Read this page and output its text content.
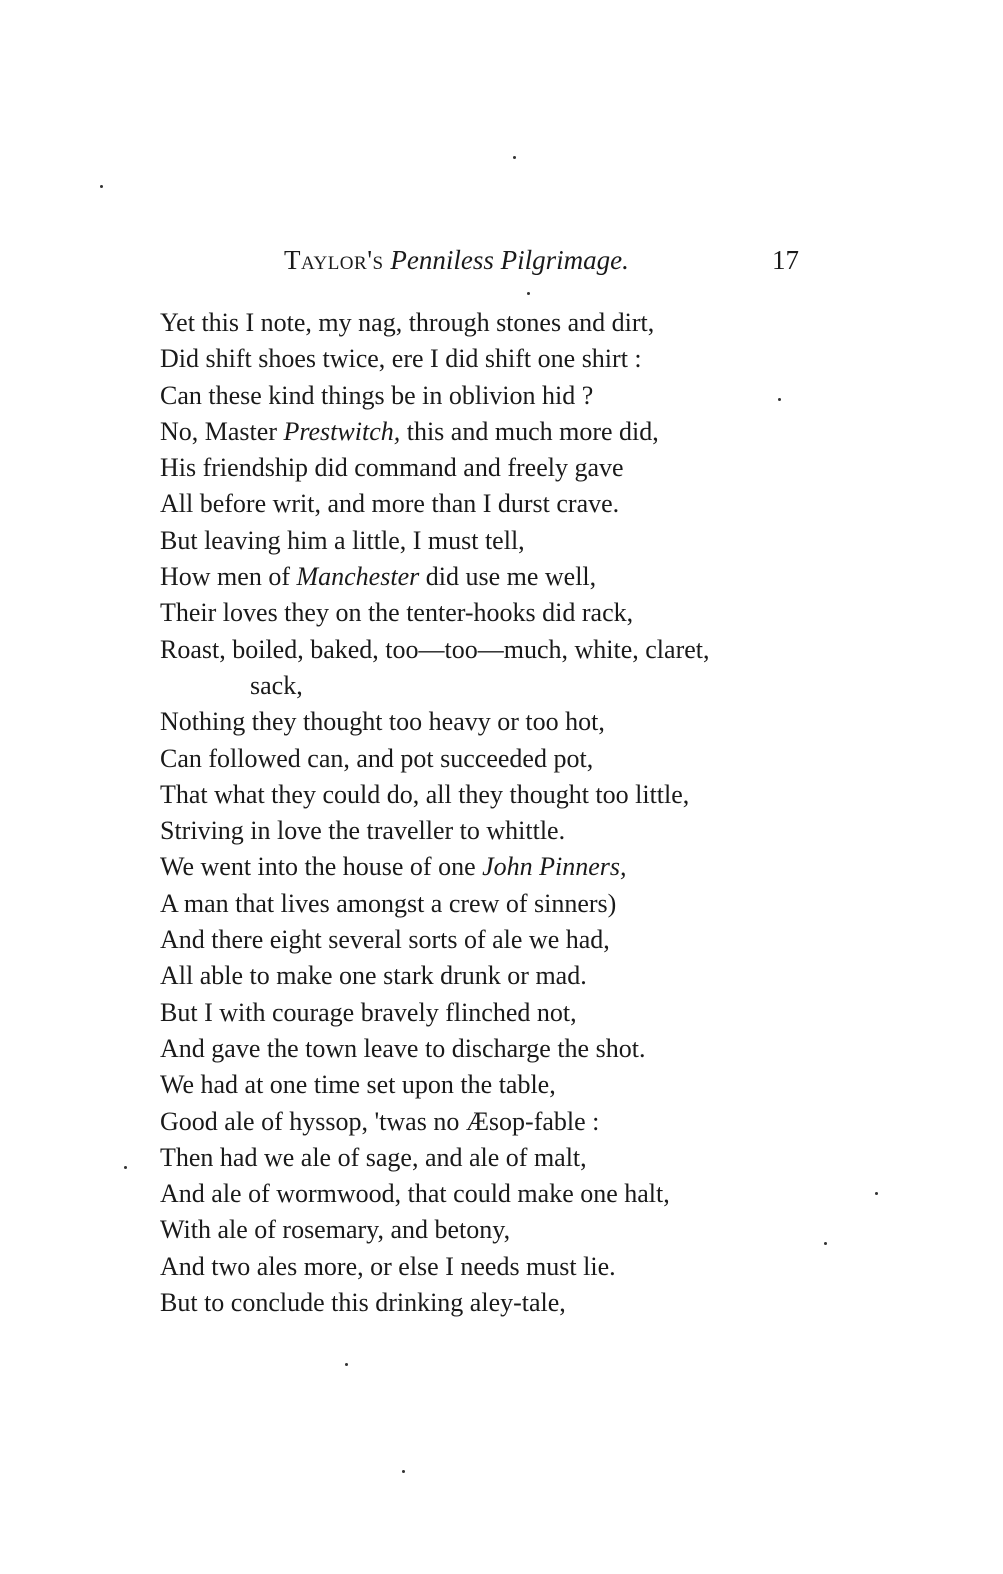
Taylor's Penniless Pilgrimage.	17
Yet this I note, my nag, through stones and dirt,
Did shift shoes twice, ere I did shift one shirt :
Can these kind things be in oblivion hid ?
No, Master Prestwitch, this and much more did,
His friendship did command and freely gave
All before writ, and more than I durst crave.
But leaving him a little, I must tell,
How men of Manchester did use me well,
Their loves they on the tenter-hooks did rack,
Roast, boiled, baked, too—too—much, white, claret,
sack,
Nothing they thought too heavy or too hot,
Can followed can, and pot succeeded pot,
That what they could do, all they thought too little,
Striving in love the traveller to whittle.
We went into the house of one John Pinners,
A man that lives amongst a crew of sinners)
And there eight several sorts of ale we had,
All able to make one stark drunk or mad.
But I with courage bravely flinched not,
And gave the town leave to discharge the shot.
We had at one time set upon the table,
Good ale of hyssop, 'twas no Æsop-fable :
Then had we ale of sage, and ale of malt,
And ale of wormwood, that could make one halt,
With ale of rosemary, and betony,
And two ales more, or else I needs must lie.
But to conclude this drinking aley-tale,
